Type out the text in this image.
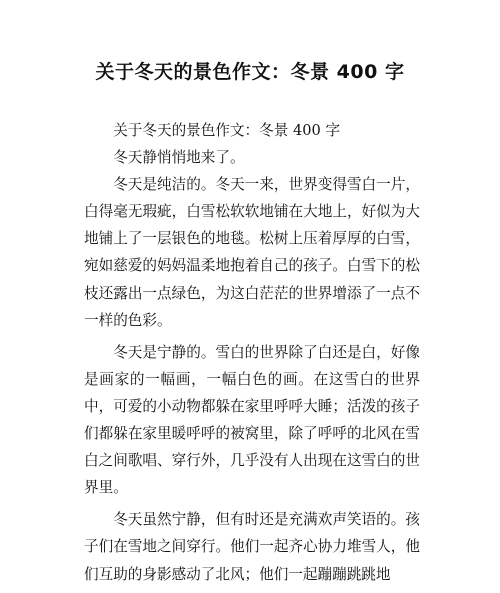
关于冬天的景色作文：冬景 400 字

关于冬天的景色作文：冬景 400 字

冬天静悄悄地来了。

冬天是纯洁的。冬天一来，世界变得雪白一片，白得毫无瑕疵，白雪松软软地铺在大地上，好似为大地铺上了一层银色的地毯。松树上压着厚厚的白雪，宛如慈爱的妈妈温柔地抱着自己的孩子。白雪下的松枝还露出一点绿色，为这白茫茫的世界增添了一点不一样的色彩。

冬天是宁静的。雪白的世界除了白还是白，好像是画家的一幅画，一幅白色的画。在这雪白的世界中，可爱的小动物都躲在家里呼呼大睡；活泼的孩子们都躲在家里暖呼呼的被窝里，除了呼呼的北风在雪白之间歌唱、穿行外，几乎没有人出现在这雪白的世界里。

冬天虽然宁静，但有时还是充满欢声笑语的。孩子们在雪地之间穿行。他们一起齐心协力堆雪人，他们互助的身影感动了北风；他们一起蹦蹦跳跳地
